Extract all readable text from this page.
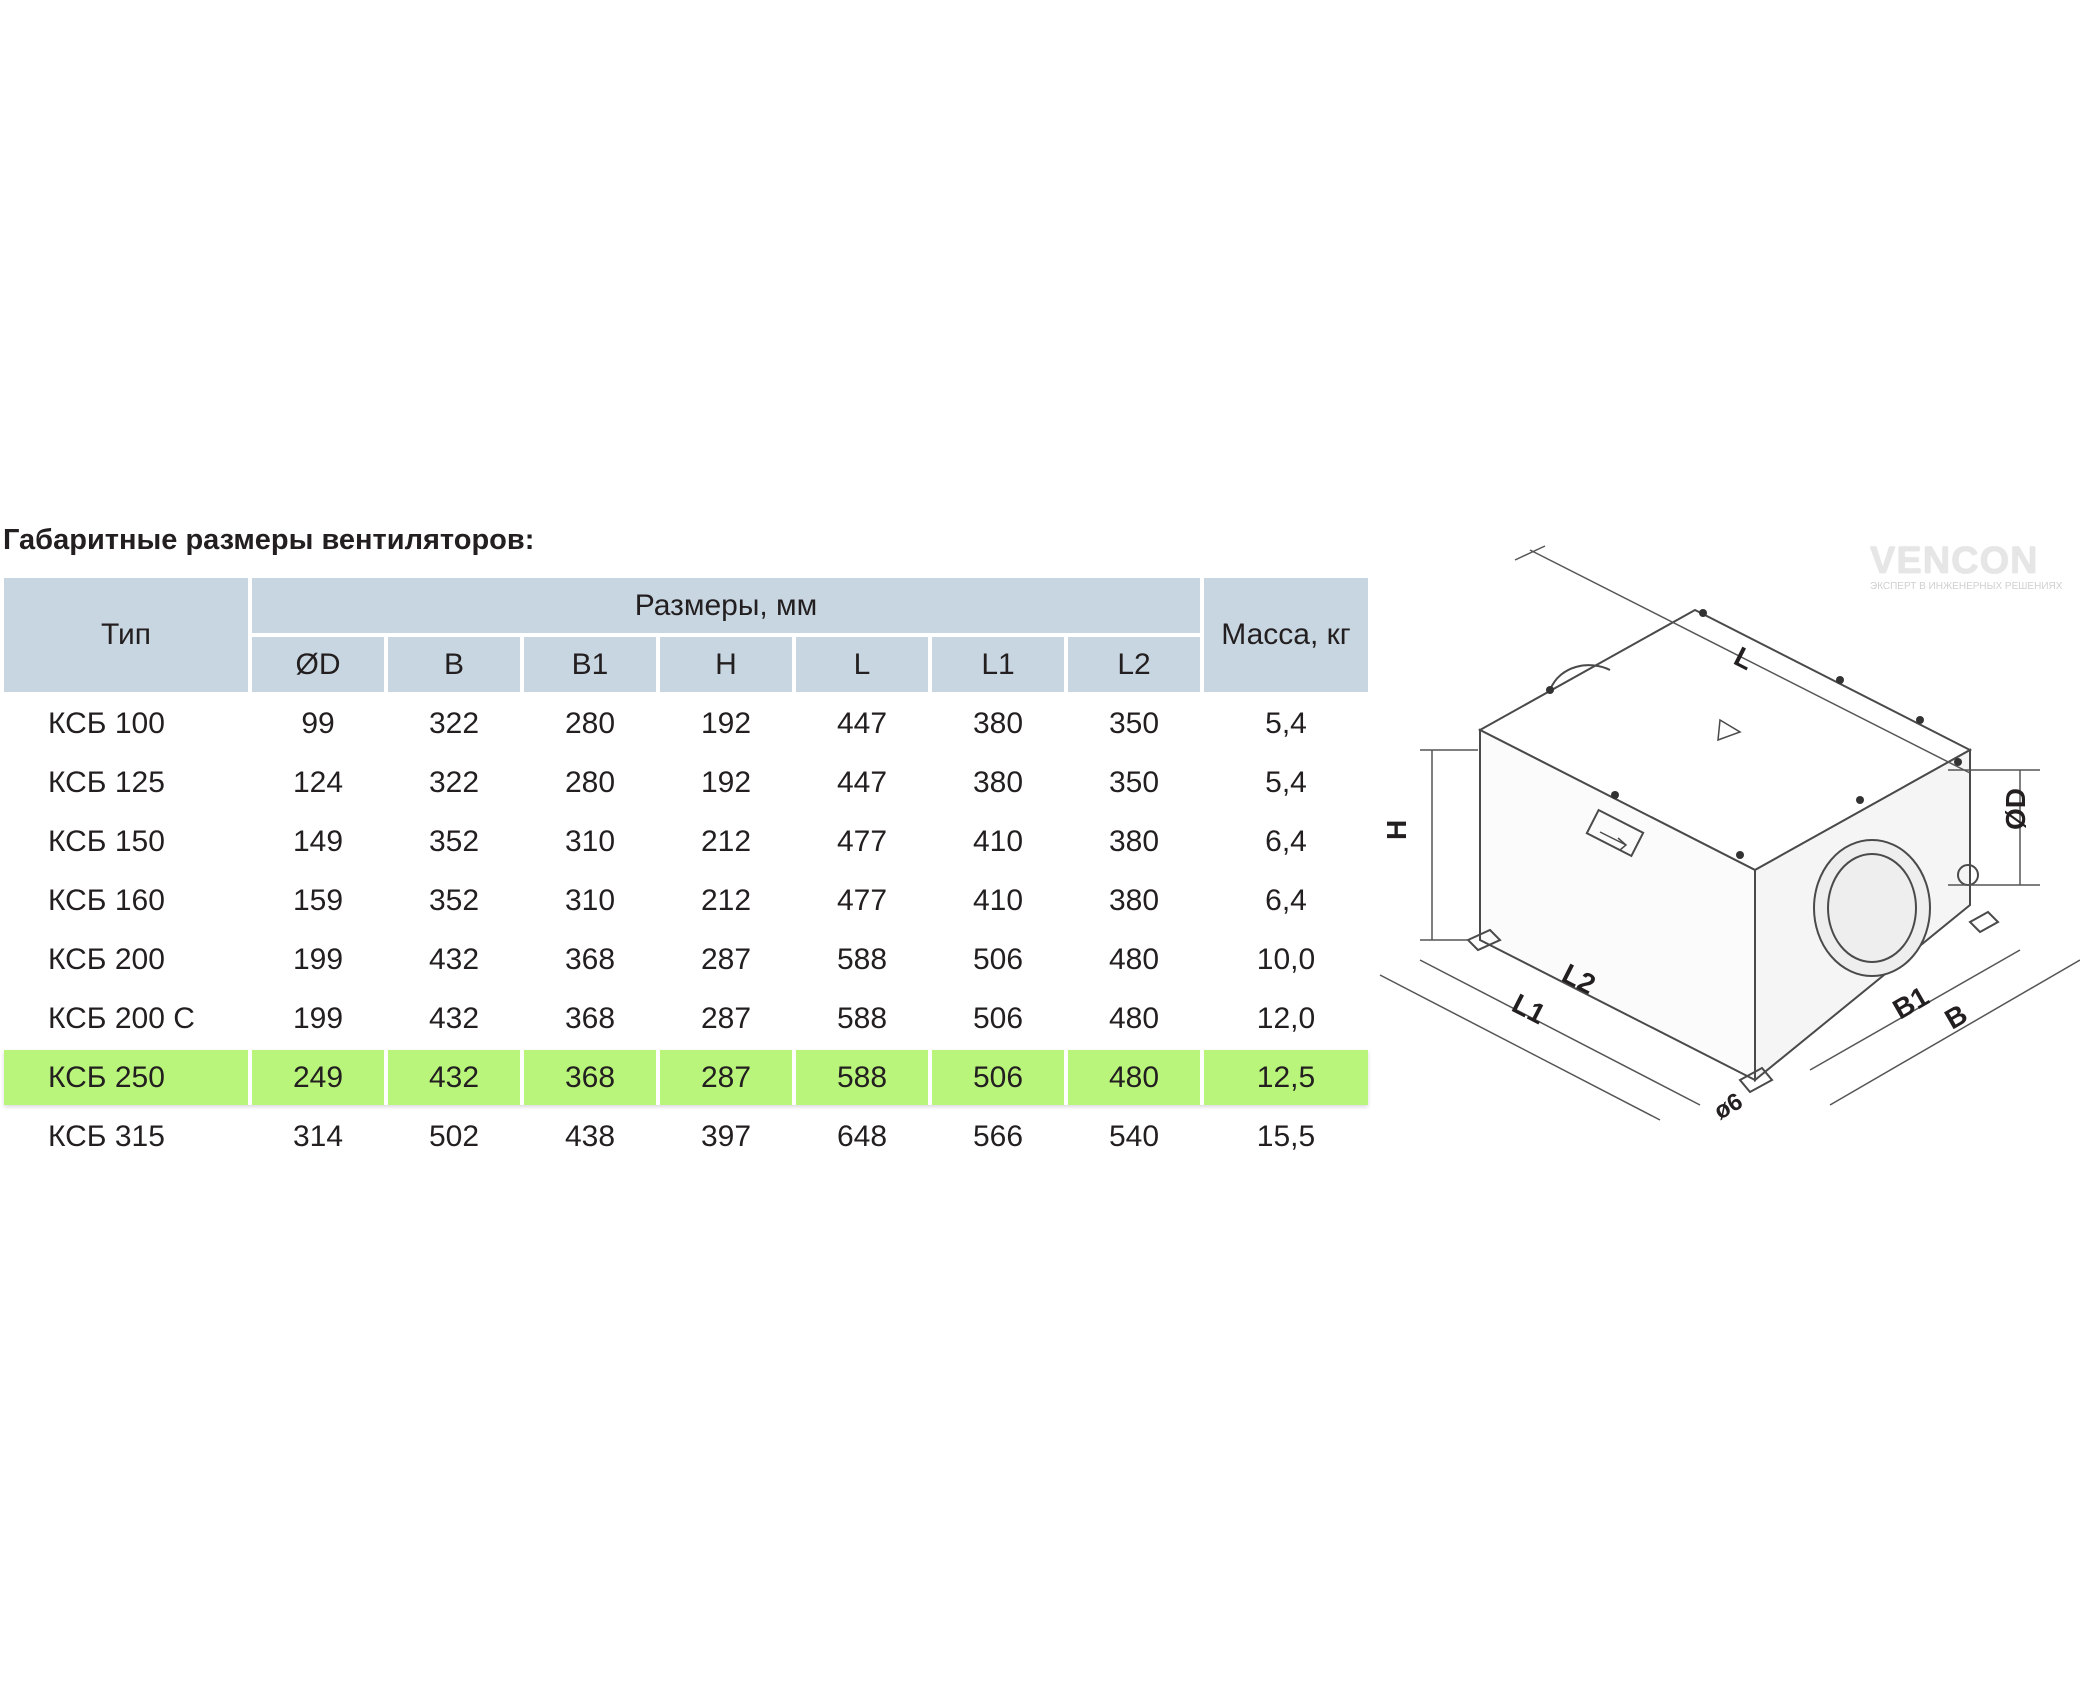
Габаритные размеры вентиляторов:
Тип	Размеры, мм							Масса, кг
	ØD	B	B1	H	L	L1	L2	
КСБ 100	99	322	280	192	447	380	350	5,4
КСБ 125	124	322	280	192	447	380	350	5,4
КСБ 150	149	352	310	212	477	410	380	6,4
КСБ 160	159	352	310	212	477	410	380	6,4
КСБ 200	199	432	368	287	588	506	480	10,0
КСБ 200 С	199	432	368	287	588	506	480	12,0
КСБ 250	249	432	368	287	588	506	480	12,5
КСБ 315	314	502	438	397	648	566	540	15,5
VENCON
ЭКСПЕРТ В ИНЖЕНЕРНЫХ РЕШЕНИЯХ
L
H	ØD
L2
L1	B1 B
ø6
